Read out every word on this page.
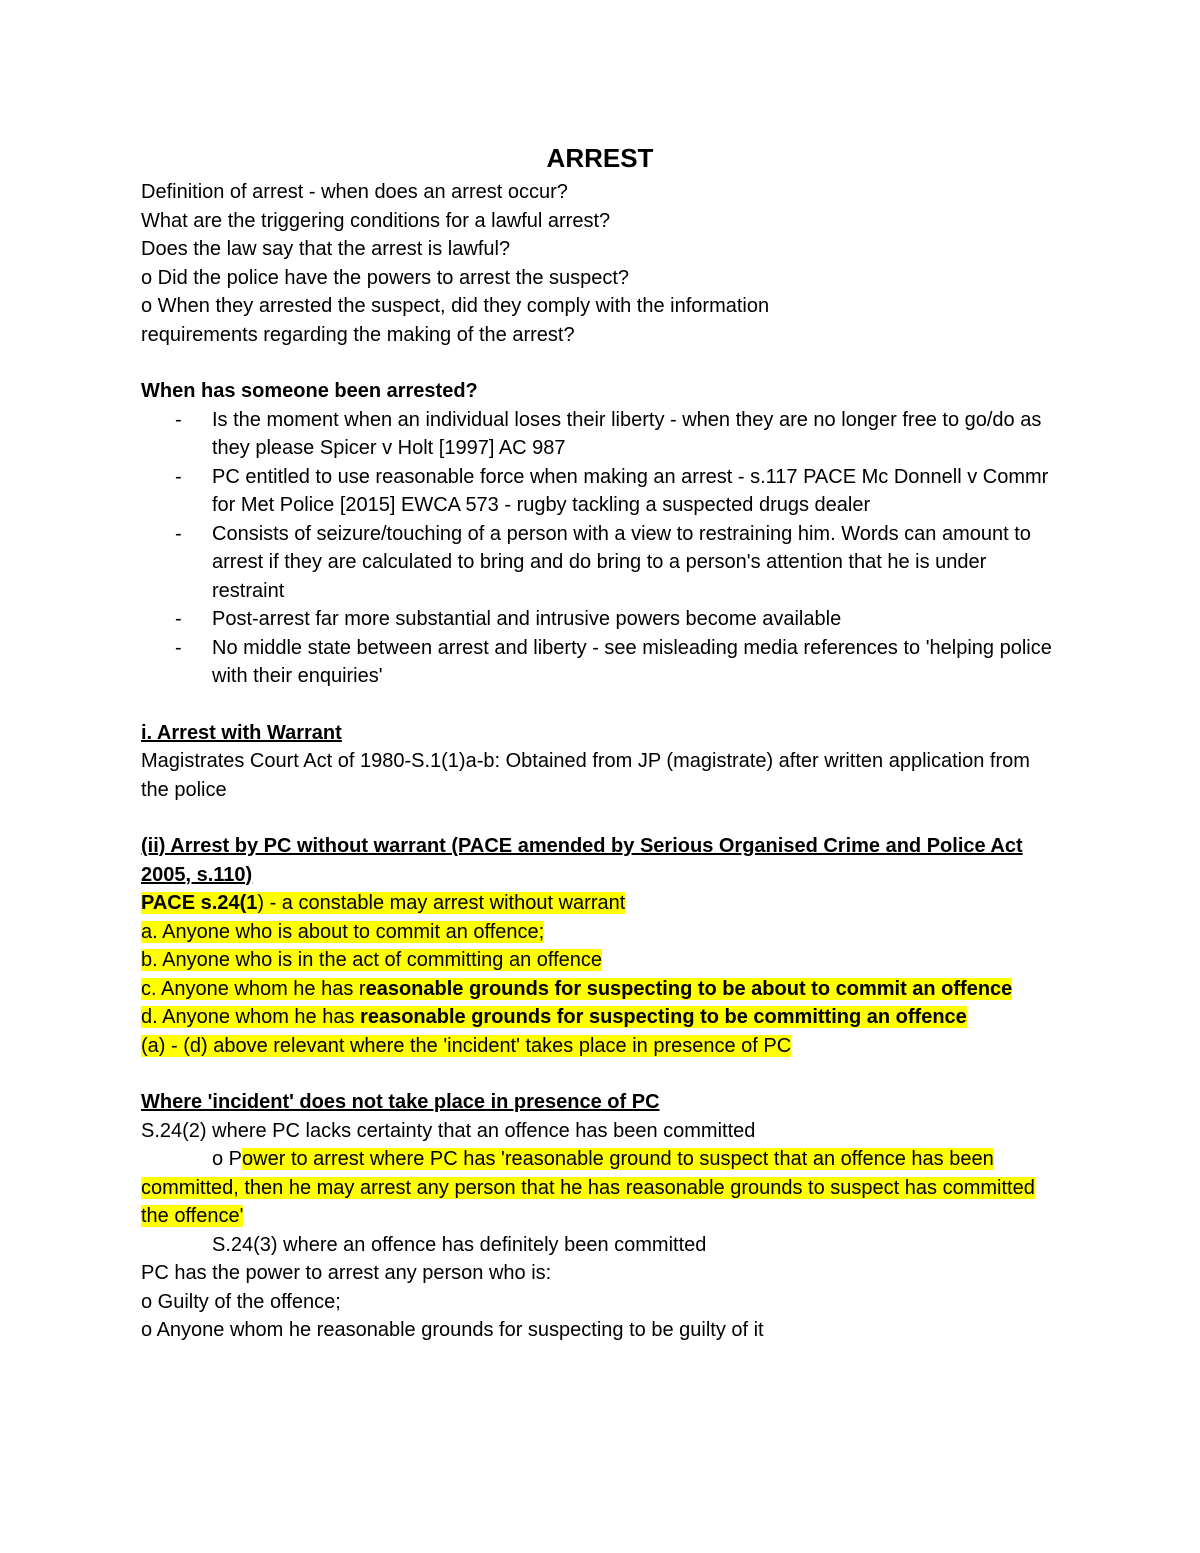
ARREST
Definition of arrest - when does an arrest occur?
What are the triggering conditions for a lawful arrest?
Does the law say that the arrest is lawful?
o Did the police have the powers to arrest the suspect?
o When they arrested the suspect, did they comply with the information
requirements regarding the making of the arrest?
When has someone been arrested?
- Is the moment when an individual loses their liberty - when they are no longer free to go/do as they please Spicer v Holt [1997] AC 987
- PC entitled to use reasonable force when making an arrest - s.117 PACE Mc Donnell v Commr for Met Police [2015] EWCA 573 - rugby tackling a suspected drugs dealer
- Consists of seizure/touching of a person with a view to restraining him. Words can amount to arrest if they are calculated to bring and do bring to a person's attention that he is under restraint
- Post-arrest far more substantial and intrusive powers become available
- No middle state between arrest and liberty - see misleading media references to 'helping police with their enquiries'
i. Arrest with Warrant
Magistrates Court Act of 1980-S.1(1)a-b: Obtained from JP (magistrate) after written application from the police
(ii) Arrest by PC without warrant (PACE amended by Serious Organised Crime and Police Act 2005, s.110)
PACE s.24(1) - a constable may arrest without warrant
a. Anyone who is about to commit an offence;
b. Anyone who is in the act of committing an offence
c. Anyone whom he has reasonable grounds for suspecting to be about to commit an offence
d. Anyone whom he has reasonable grounds for suspecting to be committing an offence
(a) - (d) above relevant where the 'incident' takes place in presence of PC
Where 'incident' does not take place in presence of PC
S.24(2) where PC lacks certainty that an offence has been committed
o Power to arrest where PC has 'reasonable ground to suspect that an offence has been committed, then he may arrest any person that he has reasonable grounds to suspect has committed the offence'
S.24(3) where an offence has definitely been committed
PC has the power to arrest any person who is:
o Guilty of the offence;
o Anyone whom he reasonable grounds for suspecting to be guilty of it
